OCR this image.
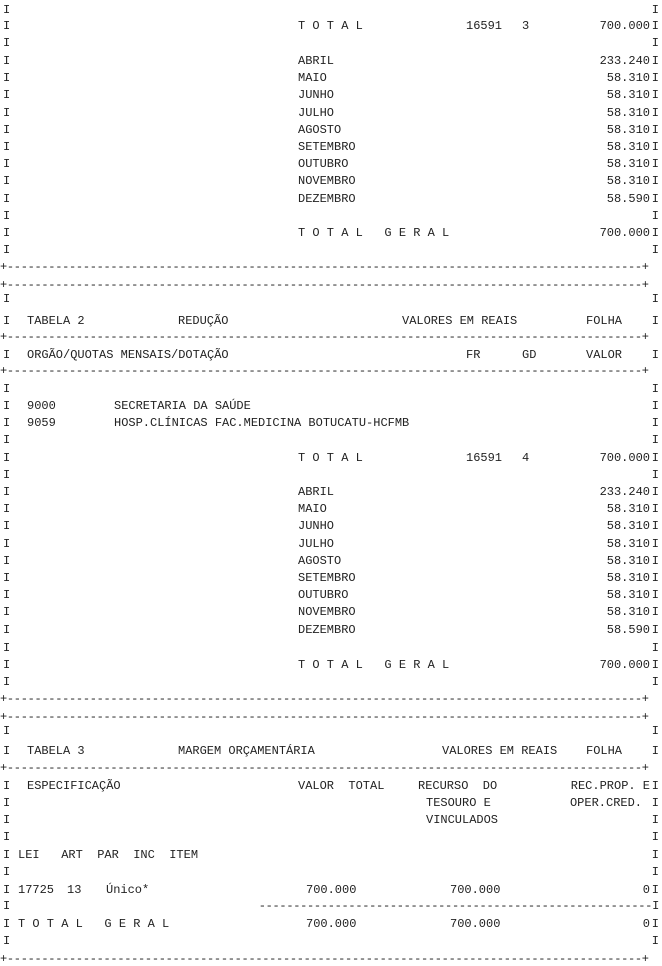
I	I
I	T O T A L	16591 3	700.000 I
I	I
I	ABRIL	233.240 I
I	MAIO	58.310 I
I	JUNHO	58.310 I
I	JULHO	58.310 I
I	AGOSTO	58.310 I
I	SETEMBRO	58.310 I
I	OUTUBRO	58.310 I
I	NOVEMBRO	58.310 I
I	DEZEMBRO	58.590 I
I	I
I	T O T A L   G E R A L	700.000 I
I	I
+--------------------------------------------------------------------------------------------+
+--------------------------------------------------------------------------------------------+
I	I
I TABELA 2	REDUÇÃO	VALORES EM REAIS	FOLHA I
+--------------------------------------------------------------------------------------------+
I ORGÃO/QUOTAS MENSAIS/DOTAÇÃO	FR	GD	VALOR I
+--------------------------------------------------------------------------------------------+
I	I
I 9000	SECRETARIA DA SAÚDE	I
I 9059	HOSP.CLÍNICAS FAC.MEDICINA BOTUCATU-HCFMB	I
I	I
I	T O T A L	16591 4	700.000 I
I	I
I	ABRIL	233.240 I
I	MAIO	58.310 I
I	JUNHO	58.310 I
I	JULHO	58.310 I
I	AGOSTO	58.310 I
I	SETEMBRO	58.310 I
I	OUTUBRO	58.310 I
I	NOVEMBRO	58.310 I
I	DEZEMBRO	58.590 I
I	I
I	T O T A L   G E R A L	700.000 I
I	I
+--------------------------------------------------------------------------------------------+
+--------------------------------------------------------------------------------------------+
I	I
I TABELA 3	MARGEM ORÇAMENTÁRIA	VALORES EM REAIS FOLHA I
+--------------------------------------------------------------------------------------------+
I ESPECIFICAÇÃO	VALOR  TOTAL	RECURSO  DO	REC.PROP. E I
I	TESOURO E	OPER.CRED. I
I	VINCULADOS	I
I	I
I LEI   ART  PAR  INC  ITEM	I
I	I
I 17725 13 Único*	700.000	700.000	0 I
I	---------------------------------------------------------I
I T O T A L   G E R A L	700.000	700.000	0 I
I	I
+--------------------------------------------------------------------------------------------+
